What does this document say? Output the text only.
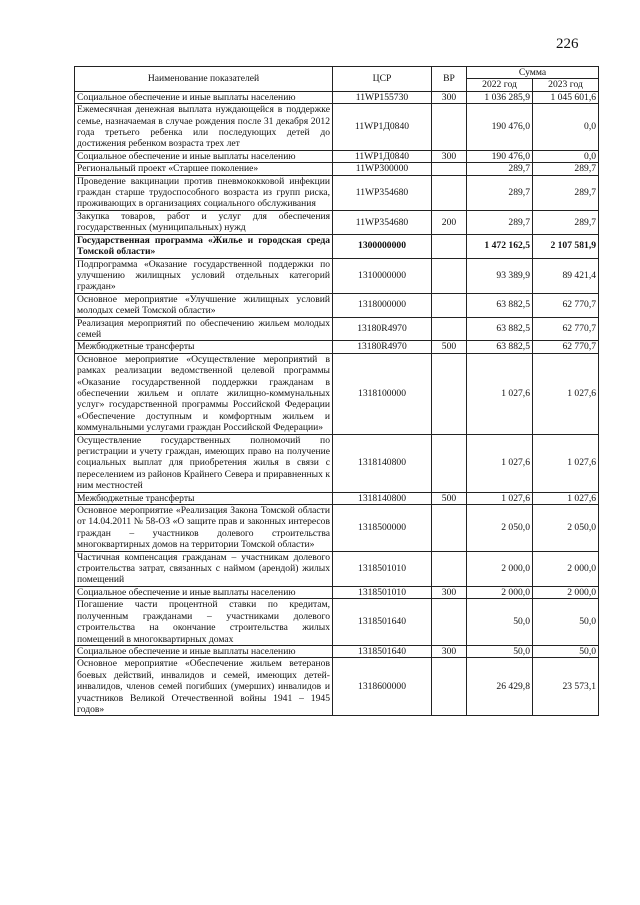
226
Наименование показателей	ЦСР	ВР	Сумма	
			2022 год	2023 год
Социальное обеспечение и иные выплаты населению	11WP155730	300	1 036 285,9	1 045 601,6
Ежемесячная денежная выплата нуждающейся в поддержке семье, назначаемая в случае рождения после 31 декабря 2012 года третьего ребенка или последующих детей до достижения ребенком возраста трех лет	11WP1Д0840		190 476,0	0,0
Социальное обеспечение и иные выплаты населению	11WP1Д0840	300	190 476,0	0,0
Региональный проект «Старшее поколение»	11WP300000		289,7	289,7
Проведение вакцинации против пневмококковой инфекции граждан старше трудоспособного возраста из групп риска, проживающих в организациях социального обслуживания	11WP354680		289,7	289,7
Закупка товаров, работ и услуг для обеспечения государственных (муниципальных) нужд	11WP354680	200	289,7	289,7
Государственная программа «Жилье и городская среда Томской области»	1300000000		1 472 162,5	2 107 581,9
Подпрограмма «Оказание государственной поддержки по улучшению жилищных условий отдельных категорий граждан»	1310000000		93 389,9	89 421,4
Основное мероприятие «Улучшение жилищных условий молодых семей Томской области»	1318000000		63 882,5	62 770,7
Реализация мероприятий по обеспечению жильем молодых семей	13180R4970		63 882,5	62 770,7
Межбюджетные трансферты	13180R4970	500	63 882,5	62 770,7
Основное мероприятие «Осуществление мероприятий в рамках реализации ведомственной целевой программы «Оказание государственной поддержки гражданам в обеспечении жильем и оплате жилищно-коммунальных услуг» государственной программы Российской Федерации «Обеспечение доступным и комфортным жильем и коммунальными услугами граждан Российской Федерации»	1318100000		1 027,6	1 027,6
Осуществление государственных полномочий по регистрации и учету граждан, имеющих право на получение социальных выплат для приобретения жилья в связи с переселением из районов Крайнего Севера и приравненных к ним местностей	1318140800		1 027,6	1 027,6
Межбюджетные трансферты	1318140800	500	1 027,6	1 027,6
Основное мероприятие «Реализация Закона Томской области от 14.04.2011 № 58-ОЗ «О защите прав и законных интересов граждан – участников долевого строительства многоквартирных домов на территории Томской области»	1318500000		2 050,0	2 050,0
Частичная компенсация гражданам – участникам долевого строительства затрат, связанных с наймом (арендой) жилых помещений	1318501010		2 000,0	2 000,0
Социальное обеспечение и иные выплаты населению	1318501010	300	2 000,0	2 000,0
Погашение части процентной ставки по кредитам, полученным гражданами – участниками долевого строительства на окончание строительства жилых помещений в многоквартирных домах	1318501640		50,0	50,0
Социальное обеспечение и иные выплаты населению	1318501640	300	50,0	50,0
Основное мероприятие «Обеспечение жильем ветеранов боевых действий, инвалидов и семей, имеющих детей-инвалидов, членов семей погибших (умерших) инвалидов и участников Великой Отечественной войны 1941 – 1945 годов»	1318600000		26 429,8	23 573,1
